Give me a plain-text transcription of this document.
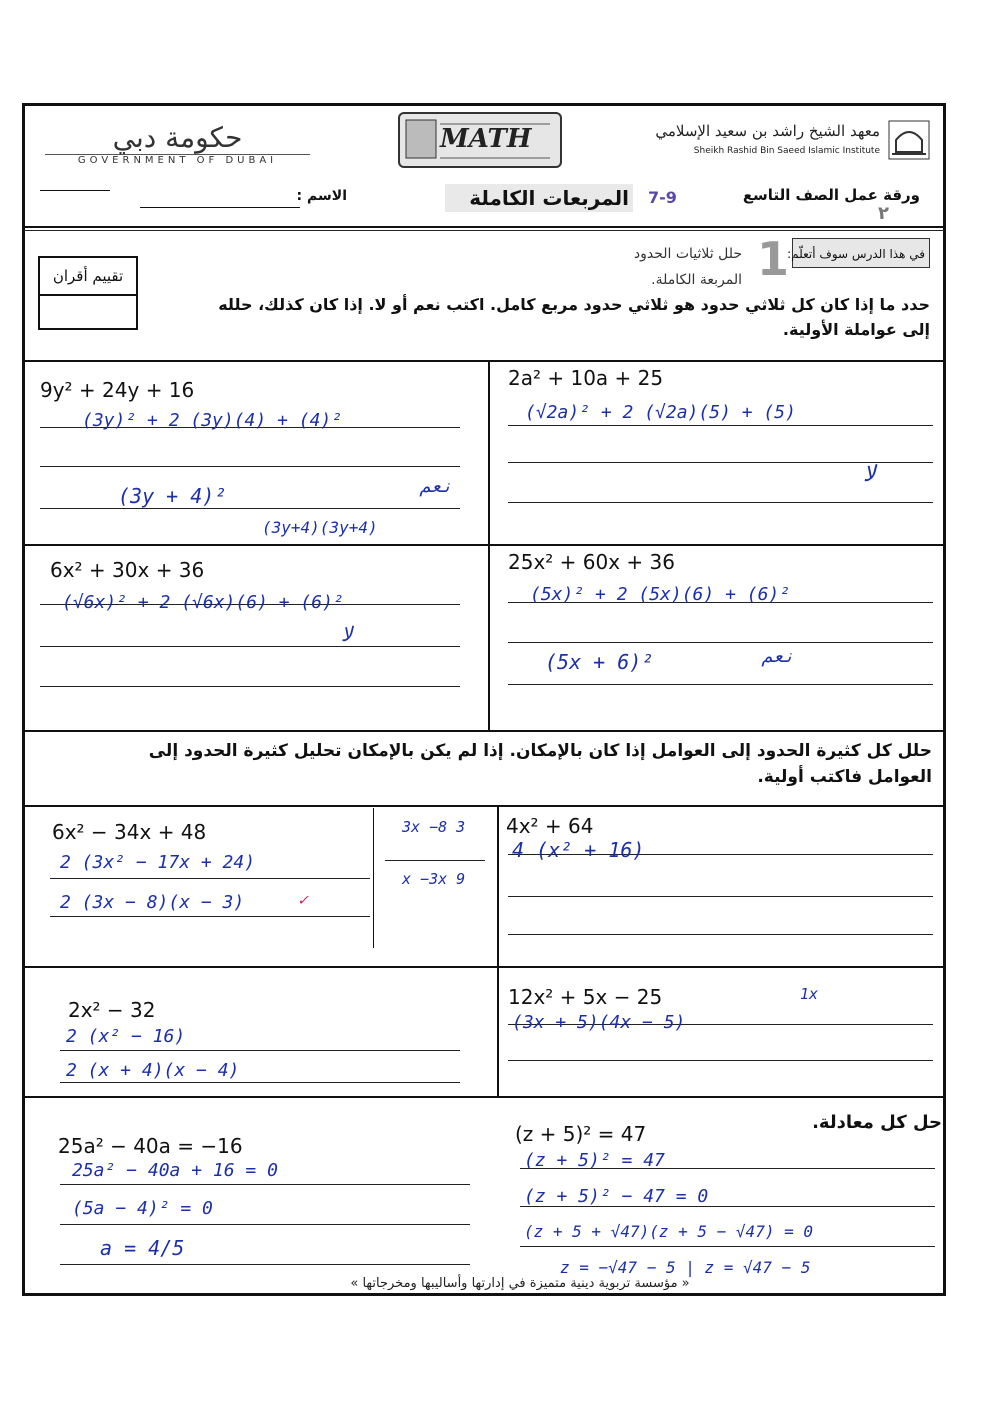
حكومة دبي
GOVERNMENT OF DUBAI
MATH	معهد الشيخ راشد بن سعيد الإسلامي
Sheikh Rashid Bin Saeed Islamic Institute
ورقة عمل الصف التاسع
٢
7-9
المربعات الكاملة
الاسم :
في هذا الدرس سوف أتعلّم:
1
حلل ثلاثيات الحدود
المربعة الكاملة.
تقييم أقران
حدد ما إذا كان كل ثلاثي حدود هو ثلاثي حدود مربع كامل. اكتب نعم أو لا. إذا كان كذلك، حلله إلى عواملة الأولية.
9y² + 24y + 16
(3y)² + 2 (3y)(4) + (4)²
نعم
(3y + 4)²
(3y+4)(3y+4)
2a² + 10a + 25
(√2a)² + 2 (√2a)(5) + (5)
لا
6x² + 30x + 36
(√6x)² + 2 (√6x)(6) + (6)²
لا
25x² + 60x + 36
(5x)² + 2 (5x)(6) + (6)²
نعم
(5x + 6)²
حلل كل كثيرة الحدود إلى العوامل إذا كان بالإمكان. إذا لم يكن بالإمكان تحليل كثيرة الحدود إلى العوامل فاكتب أولية.
6x² − 34x + 48
2 (3x² − 17x + 24)
2 (3x − 8)(x − 3)	✓
3x −8 3
x −3x 9
4x² + 64
4 (x² + 16)
2x² − 32
2 (x² − 16)
2 (x + 4)(x − 4)
12x² + 5x − 25
(3x + 5)(4x − 5)
1x
حل كل معادلة.
25a² − 40a = −16
25a² − 40a + 16 = 0
(5a − 4)² = 0
a = 4/5
(z + 5)² = 47
(z + 5)² = 47
(z + 5)² − 47 = 0
(z + 5 + √47)(z + 5 − √47) = 0
z = −√47 − 5 | z = √47 − 5
« مؤسسة تربوية دينية متميزة في إدارتها وأساليبها ومخرجاتها »
